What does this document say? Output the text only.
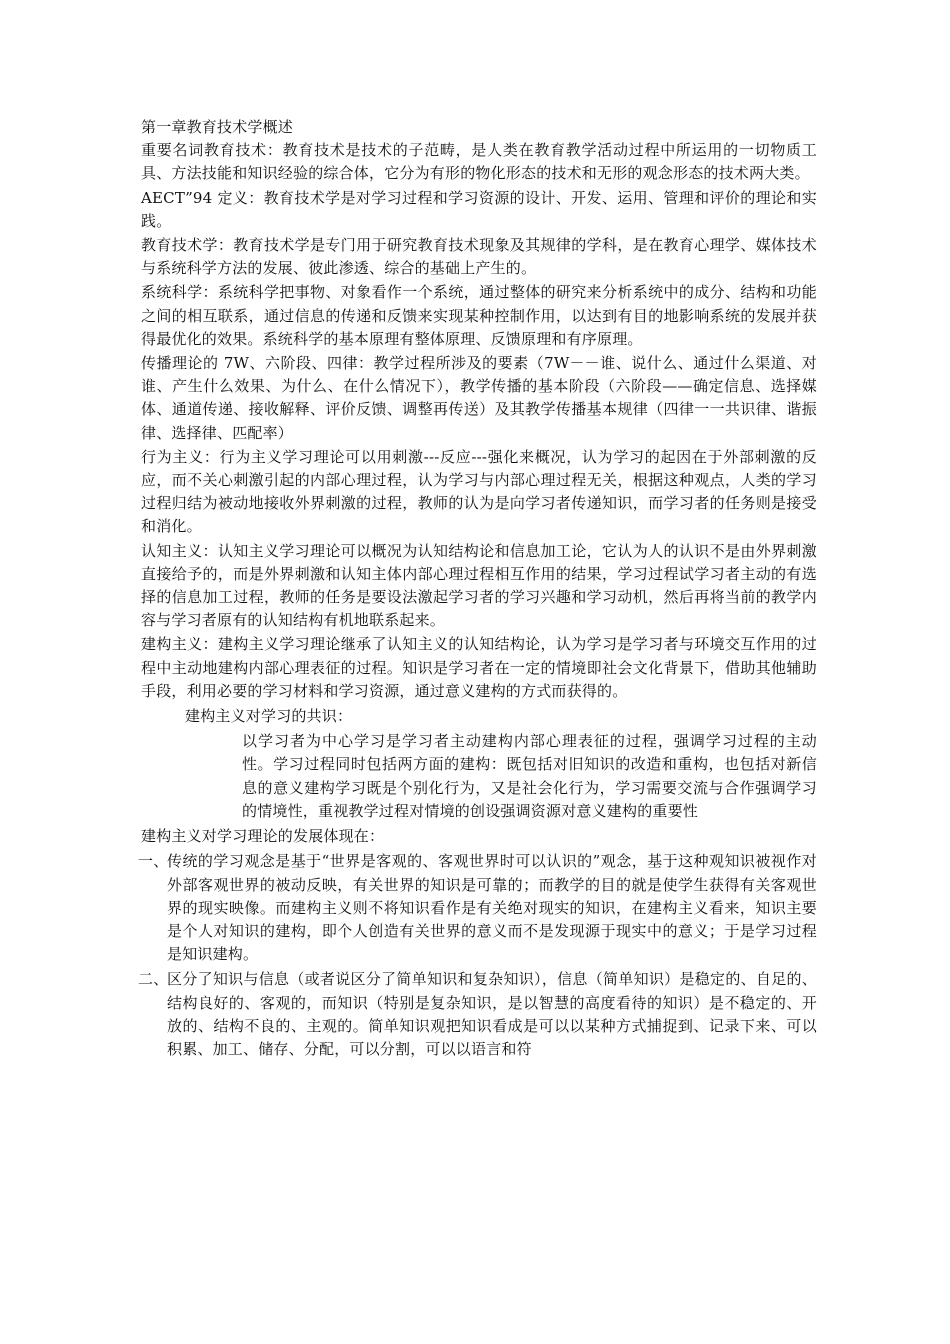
第一章教育技术学概述

重要名词教育技术：教育技术是技术的子范畴，是人类在教育教学活动过程中所运用的一切物质工具、方法技能和知识经验的综合体，它分为有形的物化形态的技术和无形的观念形态的技术两大类。

AECT”94 定义：教育技术学是对学习过程和学习资源的设计、开发、运用、管理和评价的理论和实践。

教育技术学：教育技术学是专门用于研究教育技术现象及其规律的学科，是在教育心理学、媒体技术与系统科学方法的发展、彼此渗透、综合的基础上产生的。

系统科学：系统科学把事物、对象看作一个系统，通过整体的研究来分析系统中的成分、结构和功能之间的相互联系，通过信息的传递和反馈来实现某种控制作用，以达到有目的地影响系统的发展并获得最优化的效果。系统科学的基本原理有整体原理、反馈原理和有序原理。

传播理论的 7W、六阶段、四律：教学过程所涉及的要素（7W－－谁、说什么、通过什么渠道、对谁、产生什么效果、为什么、在什么情况下），教学传播的基本阶段（六阶段——确定信息、选择媒体、通道传递、接收解释、评价反馈、调整再传送）及其教学传播基本规律（四律一一共识律、谐振律、选择律、匹配率）

行为主义：行为主义学习理论可以用刺激---反应---强化来概况，认为学习的起因在于外部刺激的反应，而不关心刺激引起的内部心理过程，认为学习与内部心理过程无关，根据这种观点，人类的学习过程归结为被动地接收外界刺激的过程，教师的认为是向学习者传递知识，而学习者的任务则是接受和消化。

认知主义：认知主义学习理论可以概况为认知结构论和信息加工论，它认为人的认识不是由外界刺激直接给予的，而是外界刺激和认知主体内部心理过程相互作用的结果，学习过程试学习者主动的有选择的信息加工过程，教师的任务是要设法激起学习者的学习兴趣和学习动机，然后再将当前的教学内容与学习者原有的认知结构有机地联系起来。

建构主义：建构主义学习理论继承了认知主义的认知结构论，认为学习是学习者与环境交互作用的过程中主动地建构内部心理表征的过程。知识是学习者在一定的情境即社会文化背景下，借助其他辅助手段，利用必要的学习材料和学习资源，通过意义建构的方式而获得的。

建构主义对学习的共识：

以学习者为中心学习是学习者主动建构内部心理表征的过程，强调学习过程的主动性。学习过程同时包括两方面的建构：既包括对旧知识的改造和重构，也包括对新信息的意义建构学习既是个别化行为，又是社会化行为，学习需要交流与合作强调学习的情境性，重视教学过程对情境的创设强调资源对意义建构的重要性

建构主义对学习理论的发展体现在：

一、
传统的学习观念是基于“世界是客观的、客观世界时可以认识的”观念，基于这种观知识被视作对外部客观世界的被动反映，有关世界的知识是可靠的；而教学的目的就是使学生获得有关客观世界的现实映像。而建构主义则不将知识看作是有关绝对现实的知识，在建构主义看来，知识主要是个人对知识的建构，即个人创造有关世界的意义而不是发现源于现实中的意义；于是学习过程是知识建构。
二、
区分了知识与信息（或者说区分了简单知识和复杂知识），信息（简单知识）是稳定的、自足的、结构良好的、客观的，而知识（特别是复杂知识，是以智慧的高度看待的知识）是不稳定的、开放的、结构不良的、主观的。简单知识观把知识看成是可以以某种方式捕捉到、记录下来、可以积累、加工、储存、分配，可以分割，可以以语言和符
